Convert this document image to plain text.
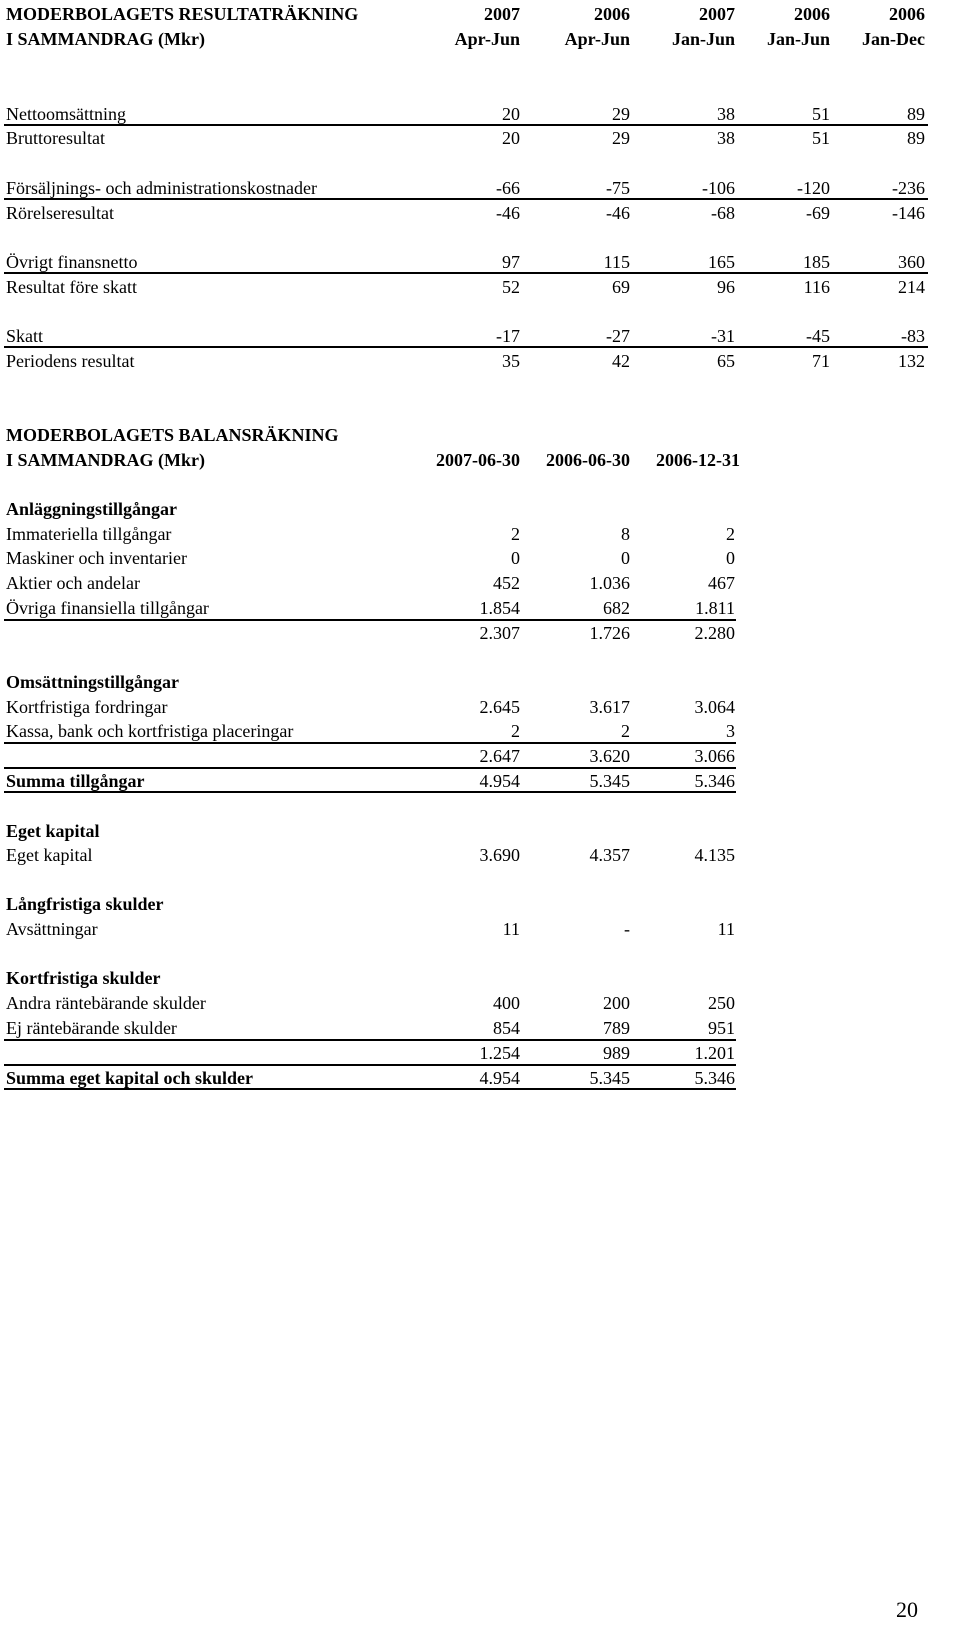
MODERBOLAGETS RESULTATRÄKNING
I SAMMANDRAG (Mkr)
2007	2006	2007	2006	2006
Apr-Jun	Apr-Jun	Jan-Jun	Jan-Jun	Jan-Dec
Nettoomsättning	20	29	38	51	89
Bruttoresultat	20	29	38	51	89
Försäljnings- och administrationskostnader	-66	-75	-106	-120	-236
Rörelseresultat	-46	-46	-68	-69	-146
Övrigt finansnetto	97	115	165	185	360
Resultat före skatt	52	69	96	116	214
Skatt	-17	-27	-31	-45	-83
Periodens resultat	35	42	65	71	132
MODERBOLAGETS BALANSRÄKNING
I SAMMANDRAG (Mkr)	2007-06-30	2006-06-30	2006-12-31
Anläggningstillgångar
Immateriella tillgångar	2	8	2
Maskiner och inventarier	0	0	0
Aktier och andelar	452	1.036	467
Övriga finansiella tillgångar	1.854	682	1.811
2.307	1.726	2.280
Omsättningstillgångar
Kortfristiga fordringar	2.645	3.617	3.064
Kassa, bank och kortfristiga placeringar	2	2	3
2.647	3.620	3.066
Summa tillgångar	4.954	5.345	5.346
Eget kapital
Eget kapital	3.690	4.357	4.135
Långfristiga skulder
Avsättningar	11	-	11
Kortfristiga skulder
Andra räntebärande skulder	400	200	250
Ej räntebärande skulder	854	789	951
1.254	989	1.201
Summa eget kapital och skulder	4.954	5.345	5.346
20
